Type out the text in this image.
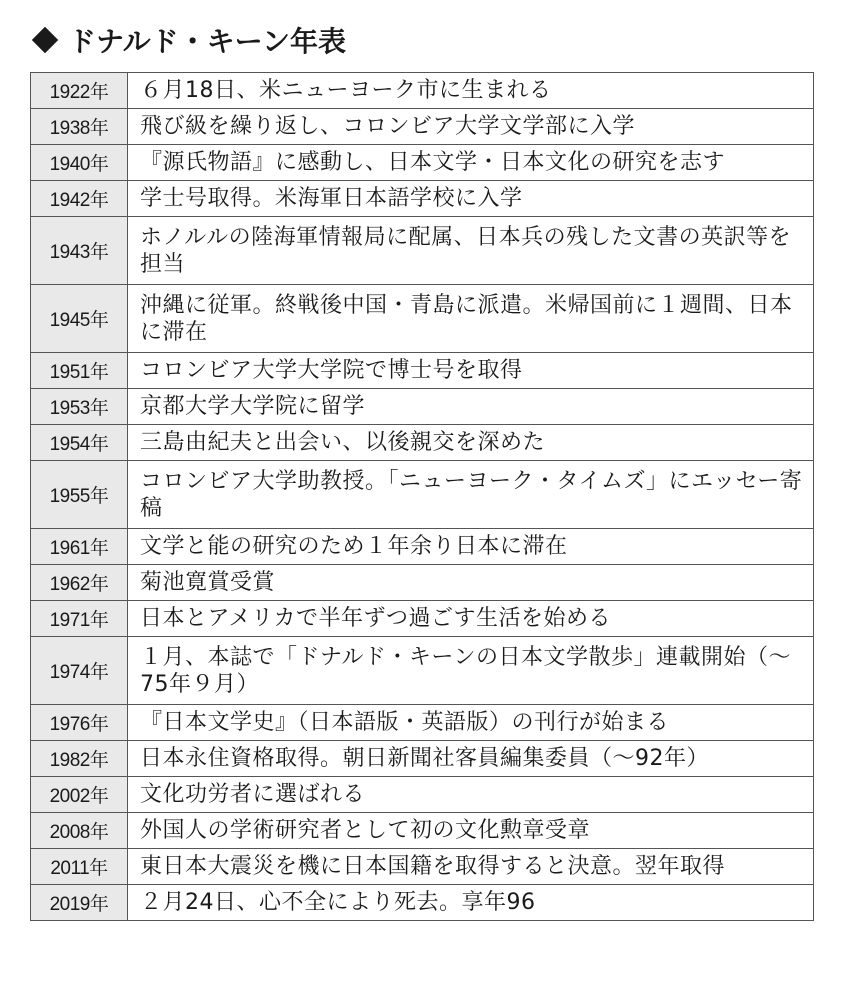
ドナルド・キーン年表
1922年	６月18日、米ニューヨーク市に生まれる
1938年	飛び級を繰り返し、コロンビア大学文学部に入学
1940年	『源氏物語』に感動し、日本文学・日本文化の研究を志す
1942年	学士号取得。米海軍日本語学校に入学
1943年	ホノルルの陸海軍情報局に配属、日本兵の残した文書の英訳等を担当
1945年	沖縄に従軍。終戦後中国・青島に派遣。米帰国前に１週間、日本に滞在
1951年	コロンビア大学大学院で博士号を取得
1953年	京都大学大学院に留学
1954年	三島由紀夫と出会い、以後親交を深めた
1955年	コロンビア大学助教授。「ニューヨーク・タイムズ」にエッセー寄稿
1961年	文学と能の研究のため１年余り日本に滞在
1962年	菊池寛賞受賞
1971年	日本とアメリカで半年ずつ過ごす生活を始める
1974年	１月、本誌で「ドナルド・キーンの日本文学散歩」連載開始（〜75年９月）
1976年	『日本文学史』（日本語版・英語版）の刊行が始まる
1982年	日本永住資格取得。朝日新聞社客員編集委員（〜92年）
2002年	文化功労者に選ばれる
2008年	外国人の学術研究者として初の文化勲章受章
2011年	東日本大震災を機に日本国籍を取得すると決意。翌年取得
2019年	２月24日、心不全により死去。享年96
